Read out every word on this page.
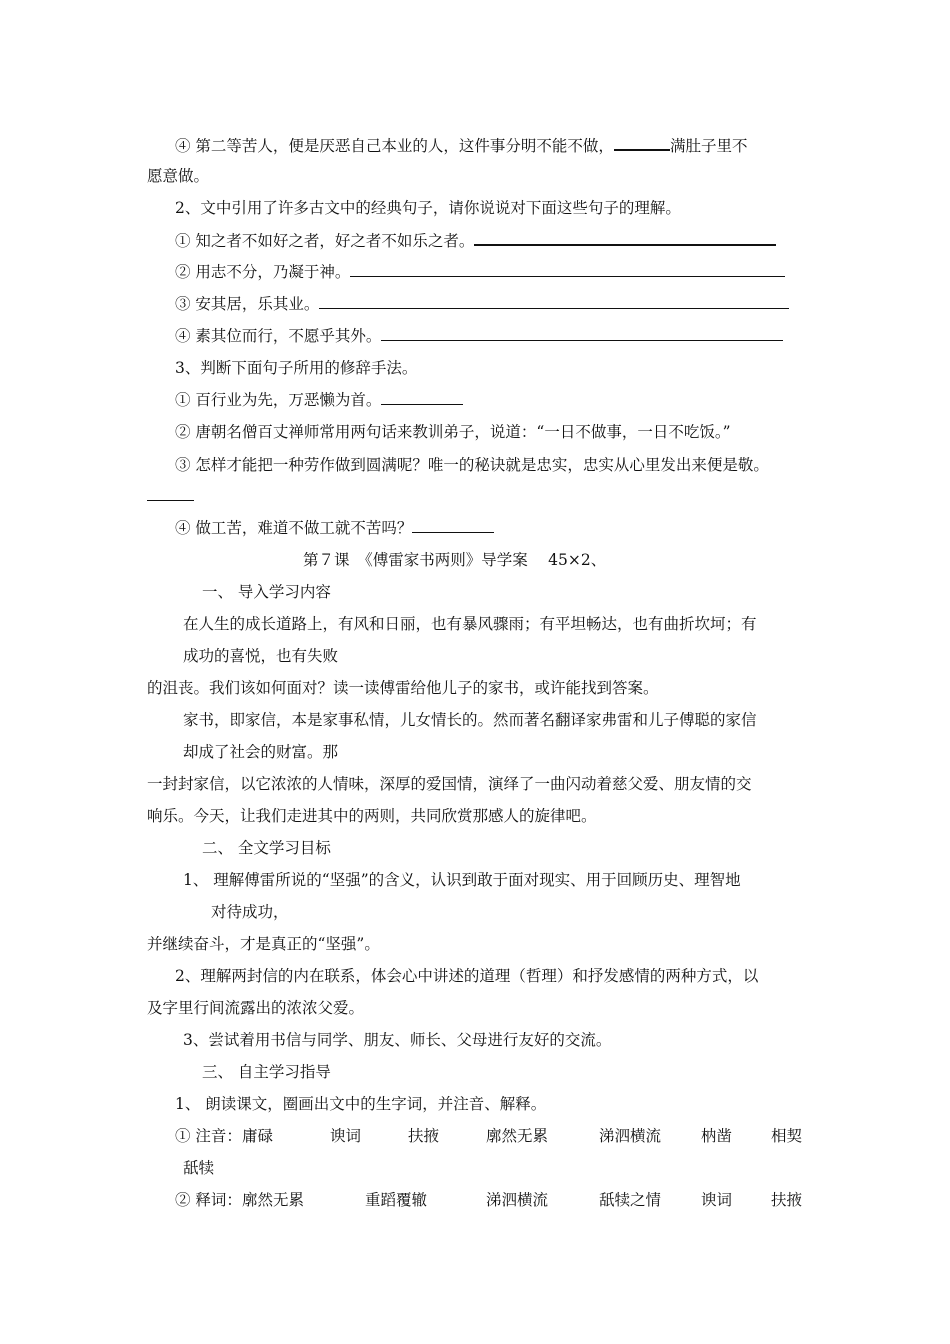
④ 第二等苦人，便是厌恶自己本业的人，这件事分明不能不做，	满肚子里不
愿意做。
2、文中引用了许多古文中的经典句子，请你说说对下面这些句子的理解。
① 知之者不如好之者，好之者不如乐之者。
② 用志不分，乃凝于神。
③ 安其居，乐其业。
④ 素其位而行，不愿乎其外。
3、判断下面句子所用的修辞手法。
① 百行业为先，万恶懒为首。
② 唐朝名僧百丈禅师常用两句话来教训弟子，说道：“一日不做事，一日不吃饭。”
③ 怎样才能把一种劳作做到圆满呢？唯一的秘诀就是忠实，忠实从心里发出来便是敬。
④ 做工苦，难道不做工就不苦吗？
第７课　《傅雷家书两则》导学案　 45×2、
一、 导入学习内容
在人生的成长道路上，有风和日丽，也有暴风骤雨；有平坦畅达，也有曲折坎坷；有
成功的喜悦，也有失败
的沮丧。我们该如何面对？读一读傅雷给他儿子的家书，或许能找到答案。
家书，即家信，本是家事私情，儿女情长的。然而著名翻译家弗雷和儿子傅聪的家信
却成了社会的财富。那
一封封家信，以它浓浓的人情味，深厚的爱国情，演绎了一曲闪动着慈父爱、朋友情的交
响乐。今天，让我们走进其中的两则，共同欣赏那感人的旋律吧。
二、 全文学习目标
1、 理解傅雷所说的“坚强”的含义，认识到敢于面对现实、用于回顾历史、理智地
对待成功，
并继续奋斗，才是真正的“坚强”。
2、理解两封信的内在联系，体会心中讲述的道理（哲理）和抒发感情的两种方式，以
及字里行间流露出的浓浓父爱。
3、尝试着用书信与同学、朋友、师长、父母进行友好的交流。
三、 自主学习指导
1、 朗读课文，圈画出文中的生字词，并注音、解释。
① 注音：庸碌	谀词	扶掖	廓然无累	涕泗横流	枘凿	相契
舐犊
② 释词：廓然无累	重蹈覆辙	涕泗横流	舐犊之情	谀词	扶掖
